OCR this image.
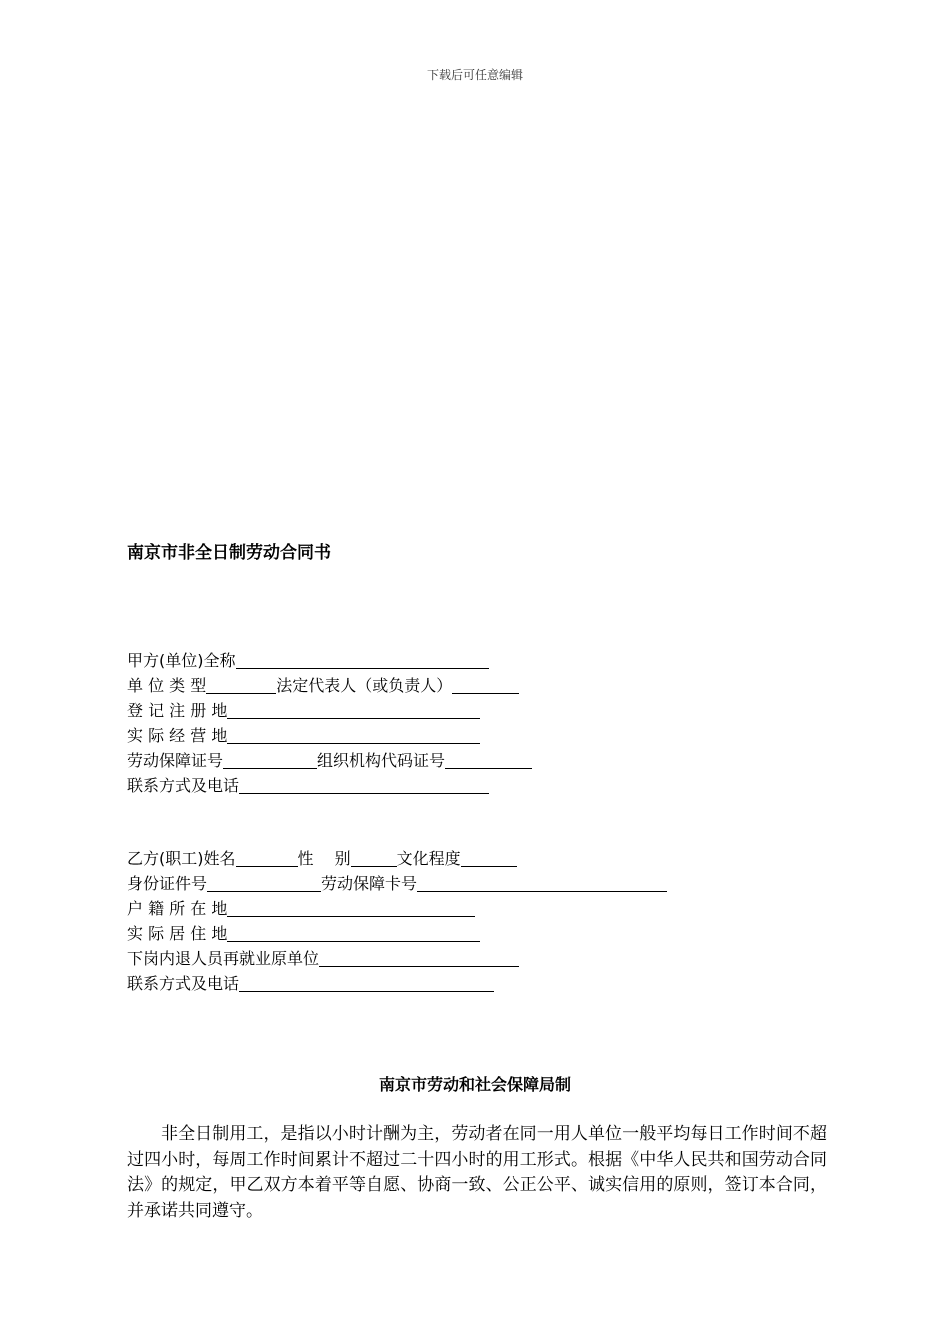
下载后可任意编辑
南京市非全日制劳动合同书
甲方(单位)全称
单 位 类 型	法定代表人（或负责人）
登 记 注 册 地
实 际 经 营 地
劳动保障证号	组织机构代码证号
联系方式及电话
乙方(职工)姓名	性　 别	文化程度
身份证件号	劳动保障卡号
户 籍 所 在 地
实 际 居 住 地
下岗内退人员再就业原单位
联系方式及电话
南京市劳动和社会保障局制
非全日制用工，是指以小时计酬为主，劳动者在同一用人单位一般平均每日工作时间不超过四小时，每周工作时间累计不超过二十四小时的用工形式。根据《中华人民共和国劳动合同法》的规定，甲乙双方本着平等自愿、协商一致、公正公平、诚实信用的原则，签订本合同，并承诺共同遵守。
